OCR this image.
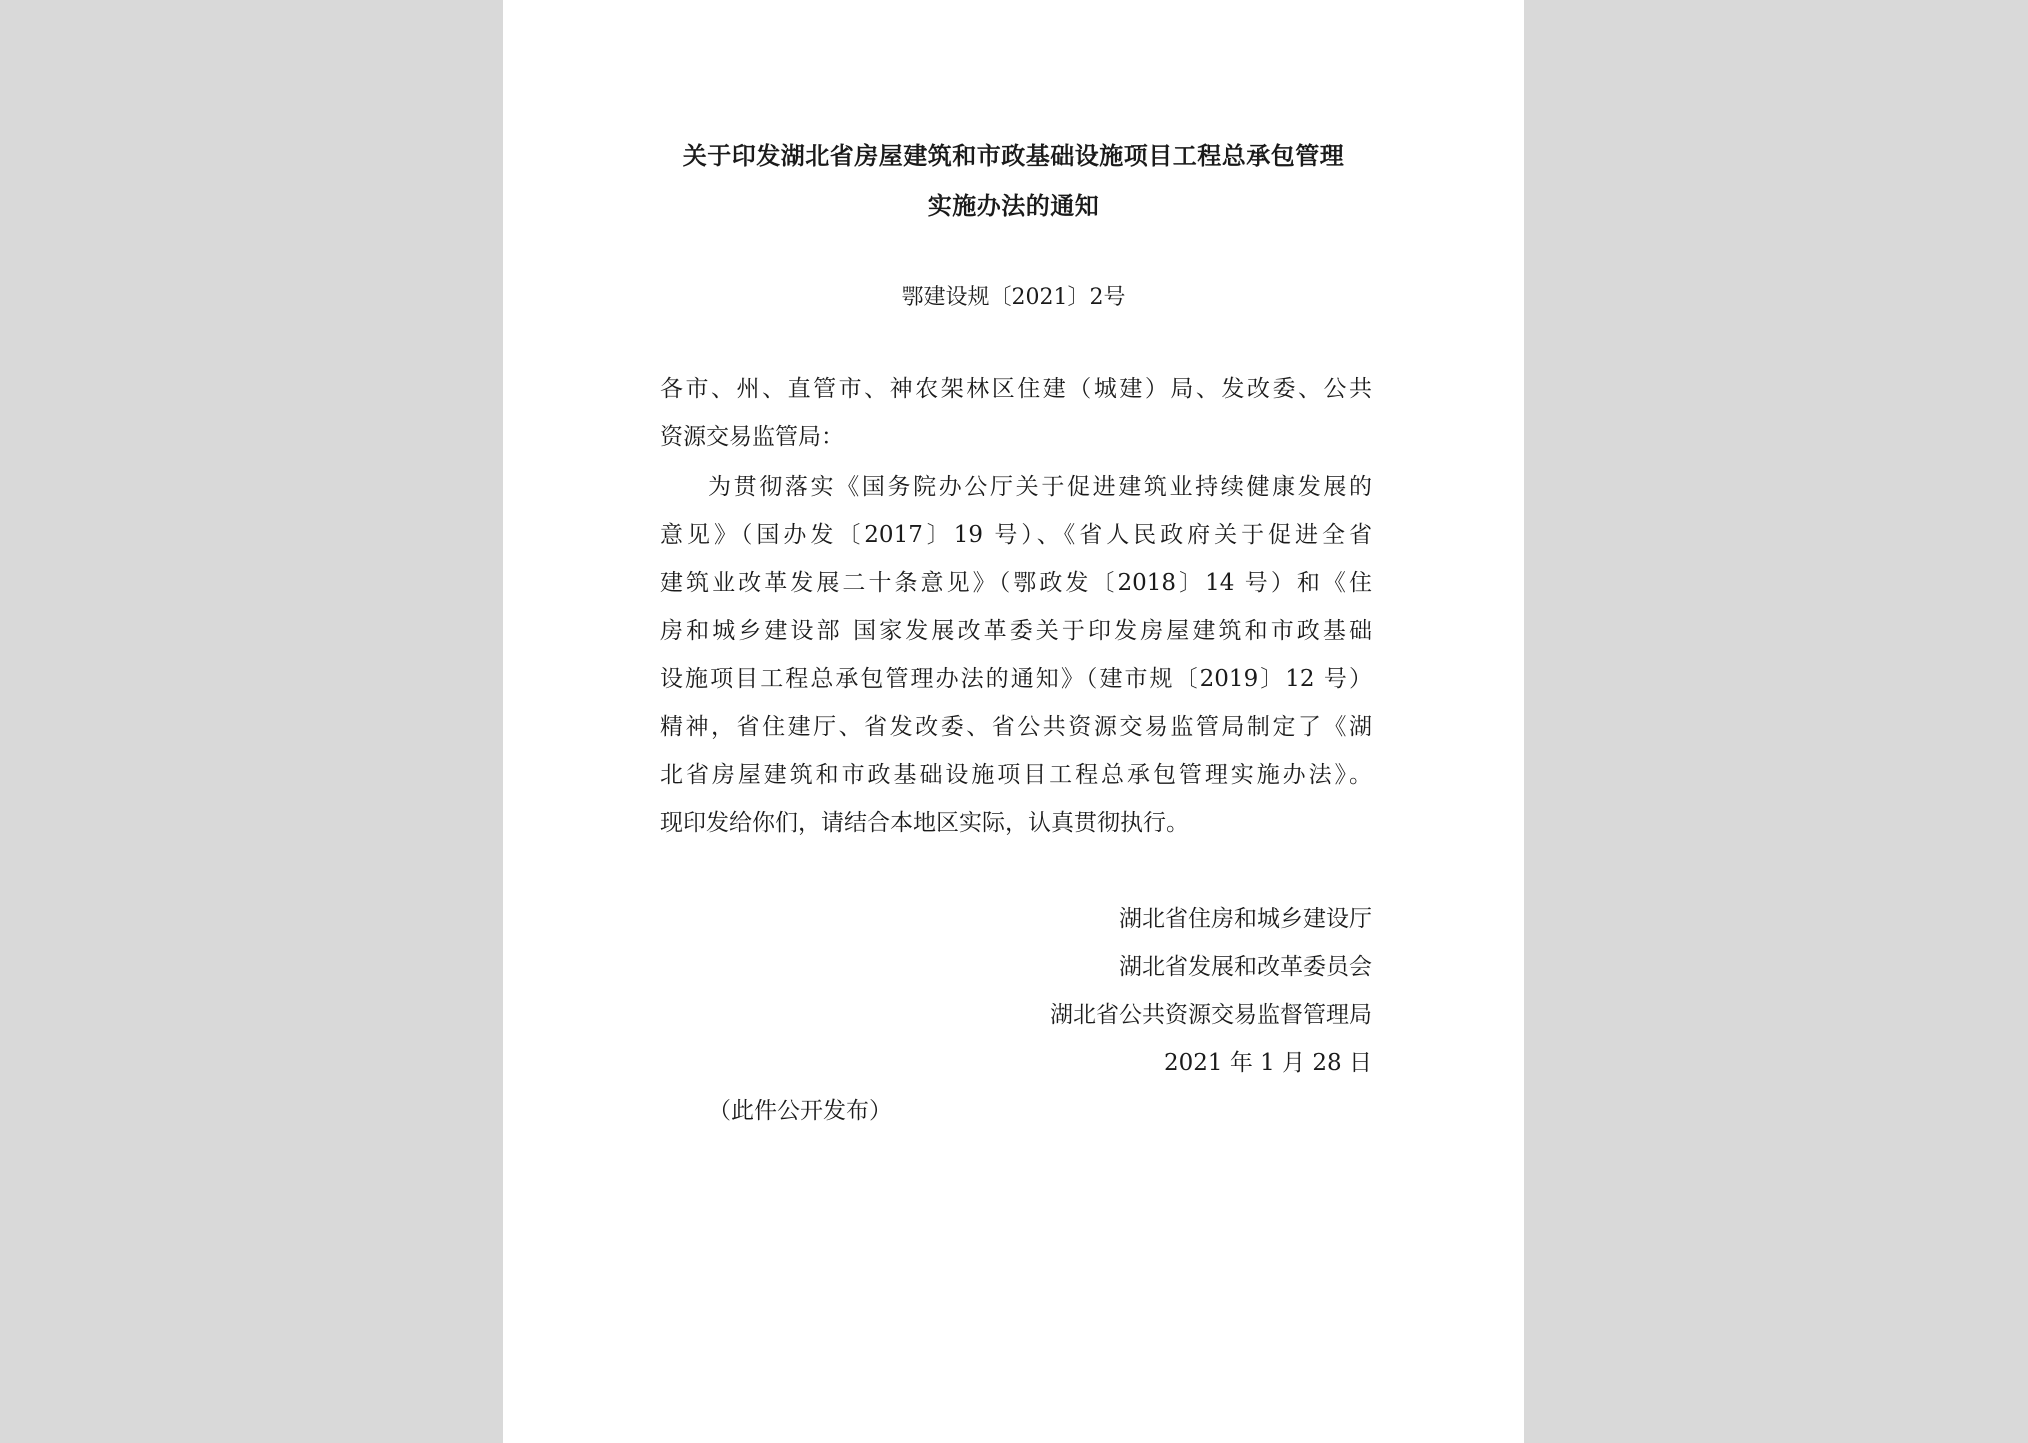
关于印发湖北省房屋建筑和市政基础设施项目工程总承包管理
实施办法的通知
鄂建设规〔2021〕2号
各市、州、直管市、神农架林区住建（城建）局、发改委、公共
资源交易监管局：
为贯彻落实《国务院办公厅关于促进建筑业持续健康发展的
意见》（国办发〔2017〕19 号）、《省人民政府关于促进全省
建筑业改革发展二十条意见》（鄂政发〔2018〕14 号）和《住
房和城乡建设部 国家发展改革委关于印发房屋建筑和市政基础
设施项目工程总承包管理办法的通知》（建市规〔2019〕12 号）
精神，省住建厅、省发改委、省公共资源交易监管局制定了《湖
北省房屋建筑和市政基础设施项目工程总承包管理实施办法》。
现印发给你们，请结合本地区实际，认真贯彻执行。
湖北省住房和城乡建设厅
湖北省发展和改革委员会
湖北省公共资源交易监督管理局
2021 年 1 月 28 日
（此件公开发布）
